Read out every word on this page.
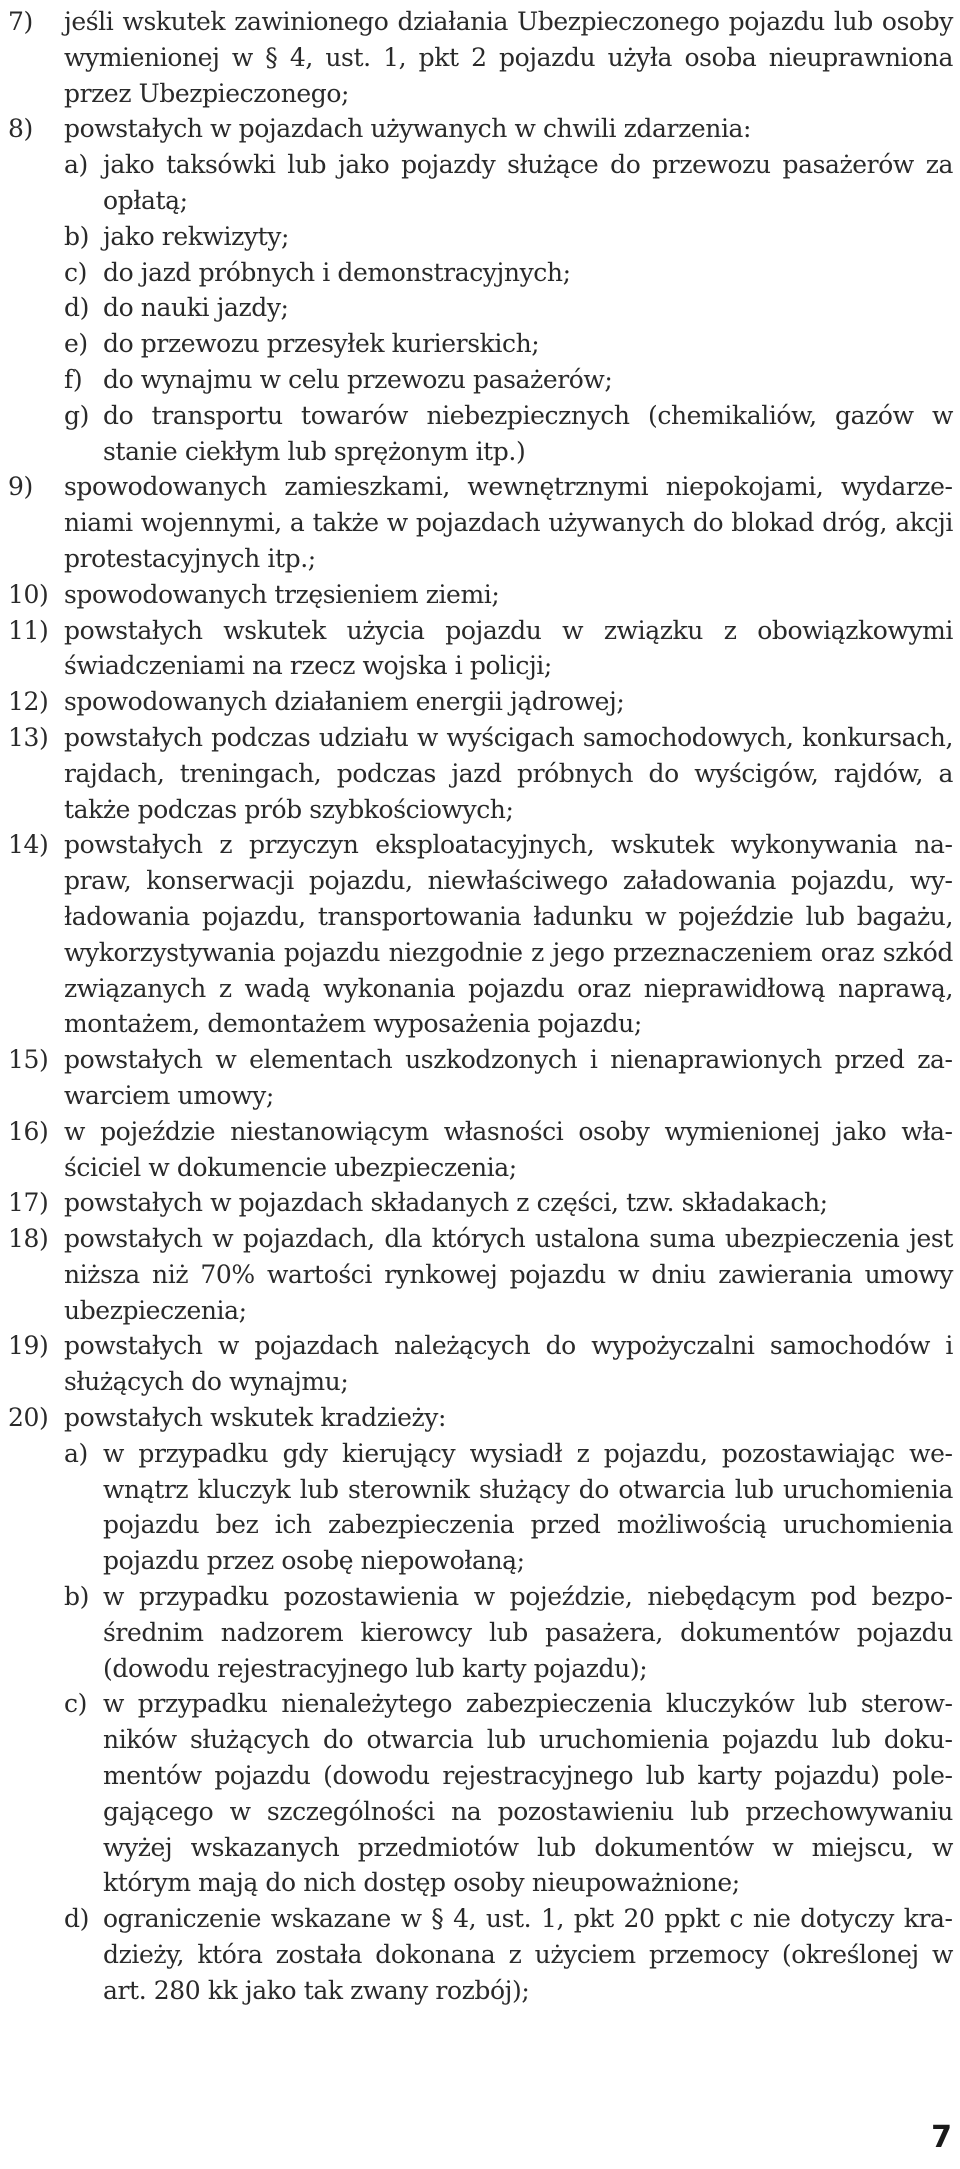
7) jeśli wskutek zawinionego działania Ubezpieczonego pojazdu lub osoby wymienionej w § 4, ust. 1, pkt 2 pojazdu użyła osoba nieuprawniona przez Ubezpieczonego;
8) powstałych w pojazdach używanych w chwili zdarzenia:
a) jako taksówki lub jako pojazdy służące do przewozu pasażerów za opłatą;
b) jako rekwizyty;
c) do jazd próbnych i demonstracyjnych;
d) do nauki jazdy;
e) do przewozu przesyłek kurierskich;
f) do wynajmu w celu przewozu pasażerów;
g) do transportu towarów niebezpiecznych (chemikaliów, gazów w stanie ciekłym lub sprężonym itp.)
9) spowodowanych zamieszkami, wewnętrznymi niepokojami, wydarzeniami wojennymi, a także w pojazdach używanych do blokad dróg, akcji protestacyjnych itp.;
10) spowodowanych trzęsieniem ziemi;
11) powstałych wskutek użycia pojazdu w związku z obowiązkowymi świadczeniami na rzecz wojska i policji;
12) spowodowanych działaniem energii jądrowej;
13) powstałych podczas udziału w wyścigach samochodowych, konkursach, rajdach, treningach, podczas jazd próbnych do wyścigów, rajdów, a także podczas prób szybkościowych;
14) powstałych z przyczyn eksploatacyjnych, wskutek wykonywania napraw, konserwacji pojazdu, niewłaściwego załadowania pojazdu, wyładowania pojazdu, transportowania ładunku w pojeździe lub bagażu, wykorzystywania pojazdu niezgodnie z jego przeznaczeniem oraz szkód związanych z wadą wykonania pojazdu oraz nieprawidłową naprawą, montażem, demontażem wyposażenia pojazdu;
15) powstałych w elementach uszkodzonych i nienaprawionych przed zawarciem umowy;
16) w pojeździe niestanowiącym własności osoby wymienionej jako właściciel w dokumencie ubezpieczenia;
17) powstałych w pojazdach składanych z części, tzw. składakach;
18) powstałych w pojazdach, dla których ustalona suma ubezpieczenia jest niższa niż 70% wartości rynkowej pojazdu w dniu zawierania umowy ubezpieczenia;
19) powstałych w pojazdach należących do wypożyczalni samochodów i służących do wynajmu;
20) powstałych wskutek kradzieży:
a) w przypadku gdy kierujący wysiadł z pojazdu, pozostawiając wewnątrz kluczyk lub sterownik służący do otwarcia lub uruchomienia pojazdu bez ich zabezpieczenia przed możliwością uruchomienia pojazdu przez osobę niepowołaną;
b) w przypadku pozostawienia w pojeździe, niebędącym pod bezpośrednim nadzorem kierowcy lub pasażera, dokumentów pojazdu (dowodu rejestracyjnego lub karty pojazdu);
c) w przypadku nienależytego zabezpieczenia kluczyków lub sterowników służących do otwarcia lub uruchomienia pojazdu lub dokumentów pojazdu (dowodu rejestracyjnego lub karty pojazdu) polegającego w szczególności na pozostawieniu lub przechowywaniu wyżej wskazanych przedmiotów lub dokumentów w miejscu, w którym mają do nich dostęp osoby nieupoważnione;
d) ograniczenie wskazane w § 4, ust. 1, pkt 20 ppkt c nie dotyczy kradzieży, która została dokonana z użyciem przemocy (określonej w art. 280 kk jako tak zwany rozbój);
7
